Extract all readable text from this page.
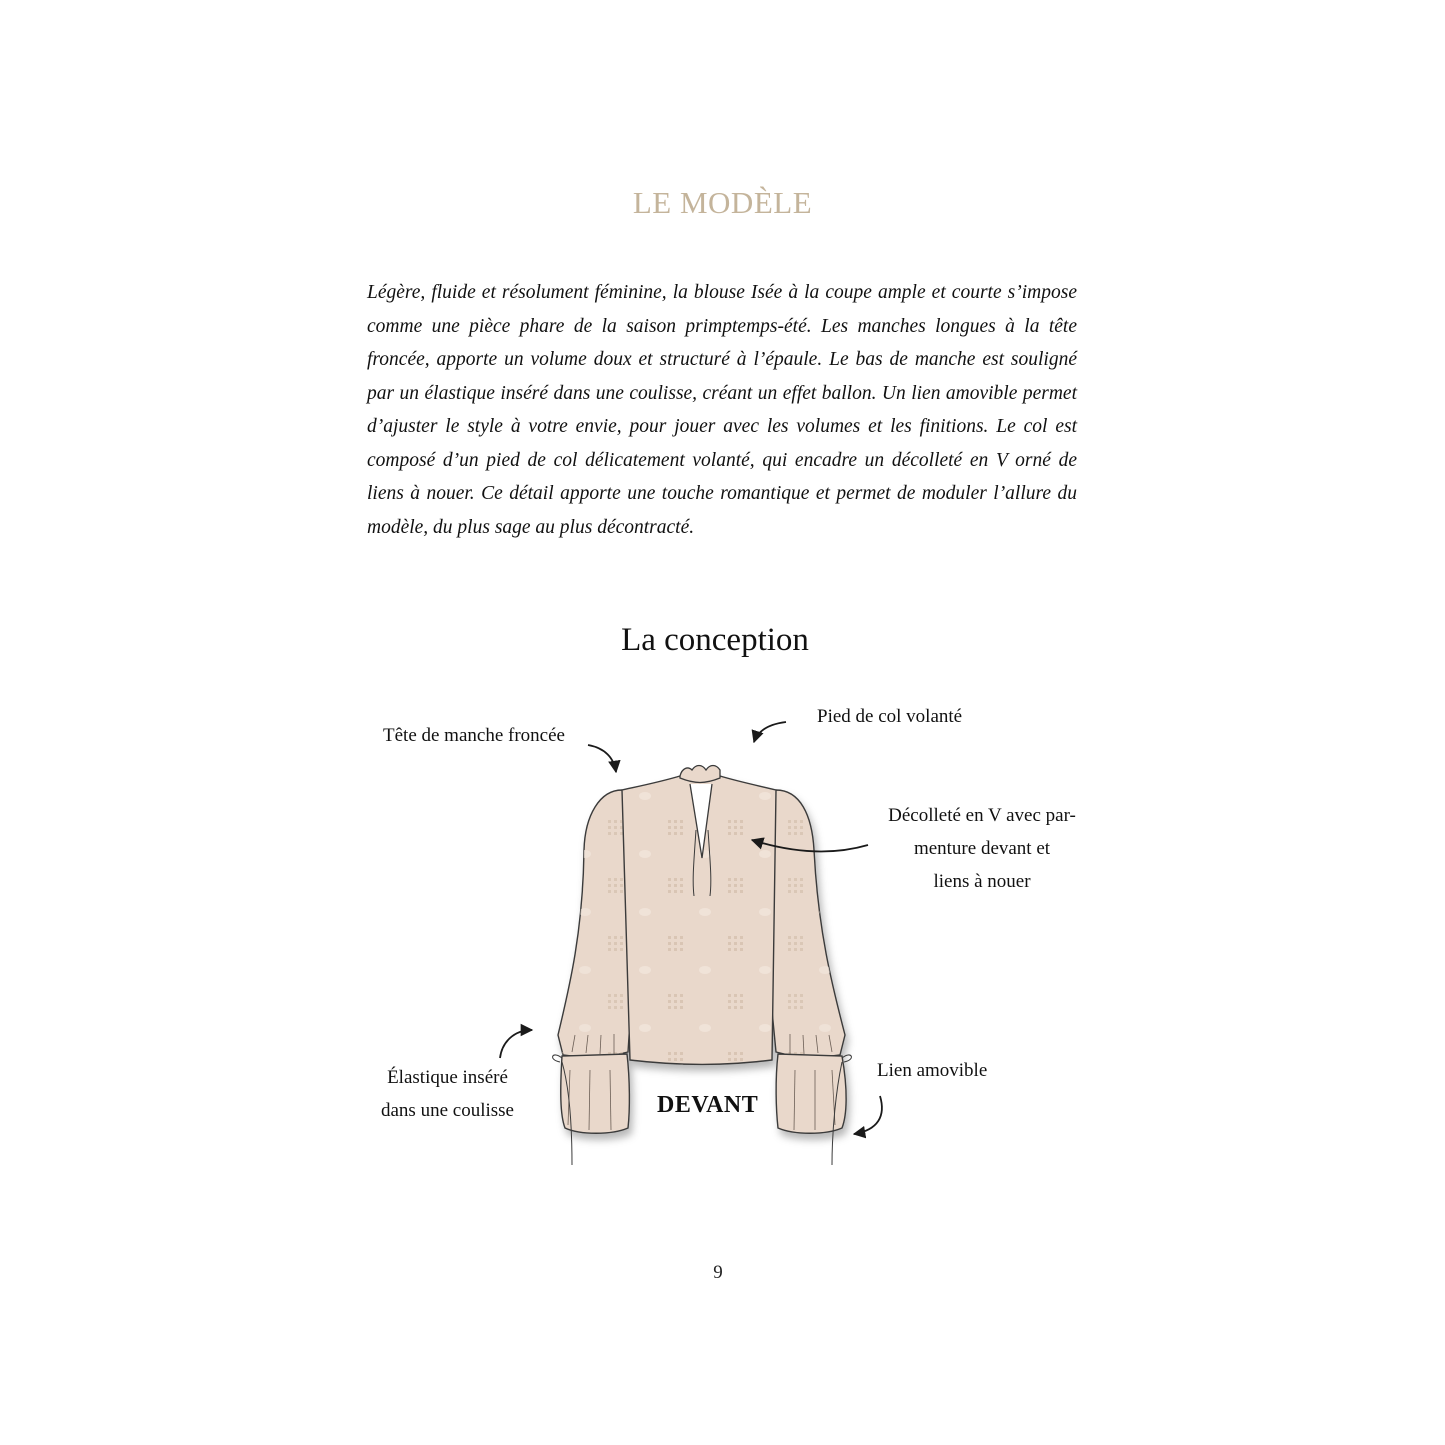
LE MODÈLE
Légère, fluide et résolument féminine, la blouse Isée à la coupe ample et courte s’impose comme une pièce phare de la saison primptemps-été. Les manches longues à la tête froncée, apporte un volume doux et structuré à l’épaule. Le bas de manche est souligné par un élastique inséré dans une coulisse, créant un effet ballon. Un lien amovible permet d’ajuster le style à votre envie, pour jouer avec les volumes et les finitions. Le col est composé d’un pied de col délicatement volanté, qui encadre un décolleté en V orné de liens à nouer. Ce détail apporte une touche romantique et permet de moduler l’allure du modèle, du plus sage au plus décontracté.
La conception
Tête de manche froncée
Pied de col volanté
Décolleté en V avec par-
menture devant et
liens à nouer
Élastique inséré
dans une coulisse
Lien amovible
DEVANT
9
